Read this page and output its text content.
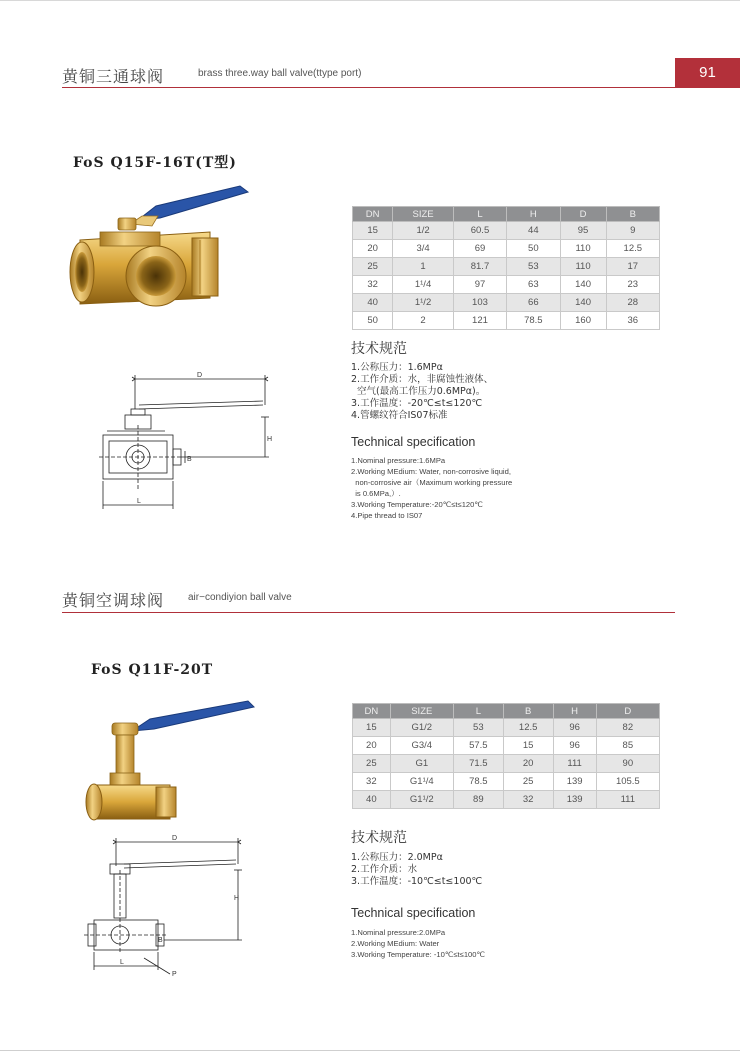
黄铜三通球阀	brass three.way ball valve(ttype port)	91
FoS Q15F-16T(T型)
D
H
B
L
DN	SIZE	L	H	D	B
15	1/2	60.5	44	95	9
20	3/4	69	50	110	12.5
25	1	81.7	53	110	17
32	1¹/4	97	63	140	23
40	1¹/2	103	66	140	28
50	2	121	78.5	160	36
技术规范
1.公称压力：1.6MPα
2.工作介质：水，非腐蚀性液体、
空气(最高工作压力0.6MPα)。
3.工作温度：-20℃≤t≤120℃
4.管螺纹符合IS07标准
Technical specification
1.Nominal pressure:1.6MPa
2.Working MEdium: Water, non-corrosive liquid,
non-corrosive air（Maximum working pressure
is 0.6MPa,）.
3.Working Temperature:-20℃≤t≤120℃
4.Pipe thread to IS07
黄铜空调球阀 air−condiyion ball valve
FoS Q11F-20T
D
H
B
L
P
DN	SIZE	L	B	H	D
15	G1/2	53	12.5	96	82
20	G3/4	57.5	15	96	85
25	G1	71.5	20	111	90
32	G1¹/4	78.5	25	139	105.5
40	G1¹/2	89	32	139	111
技术规范
1.公称压力：2.0MPα
2.工作介质：水
3.工作温度：-10℃≤t≤100℃
Technical specification
1.Nominal pressure:2.0MPa
2.Working MEdium: Water
3.Working Temperature: -10℃≤t≤100℃
